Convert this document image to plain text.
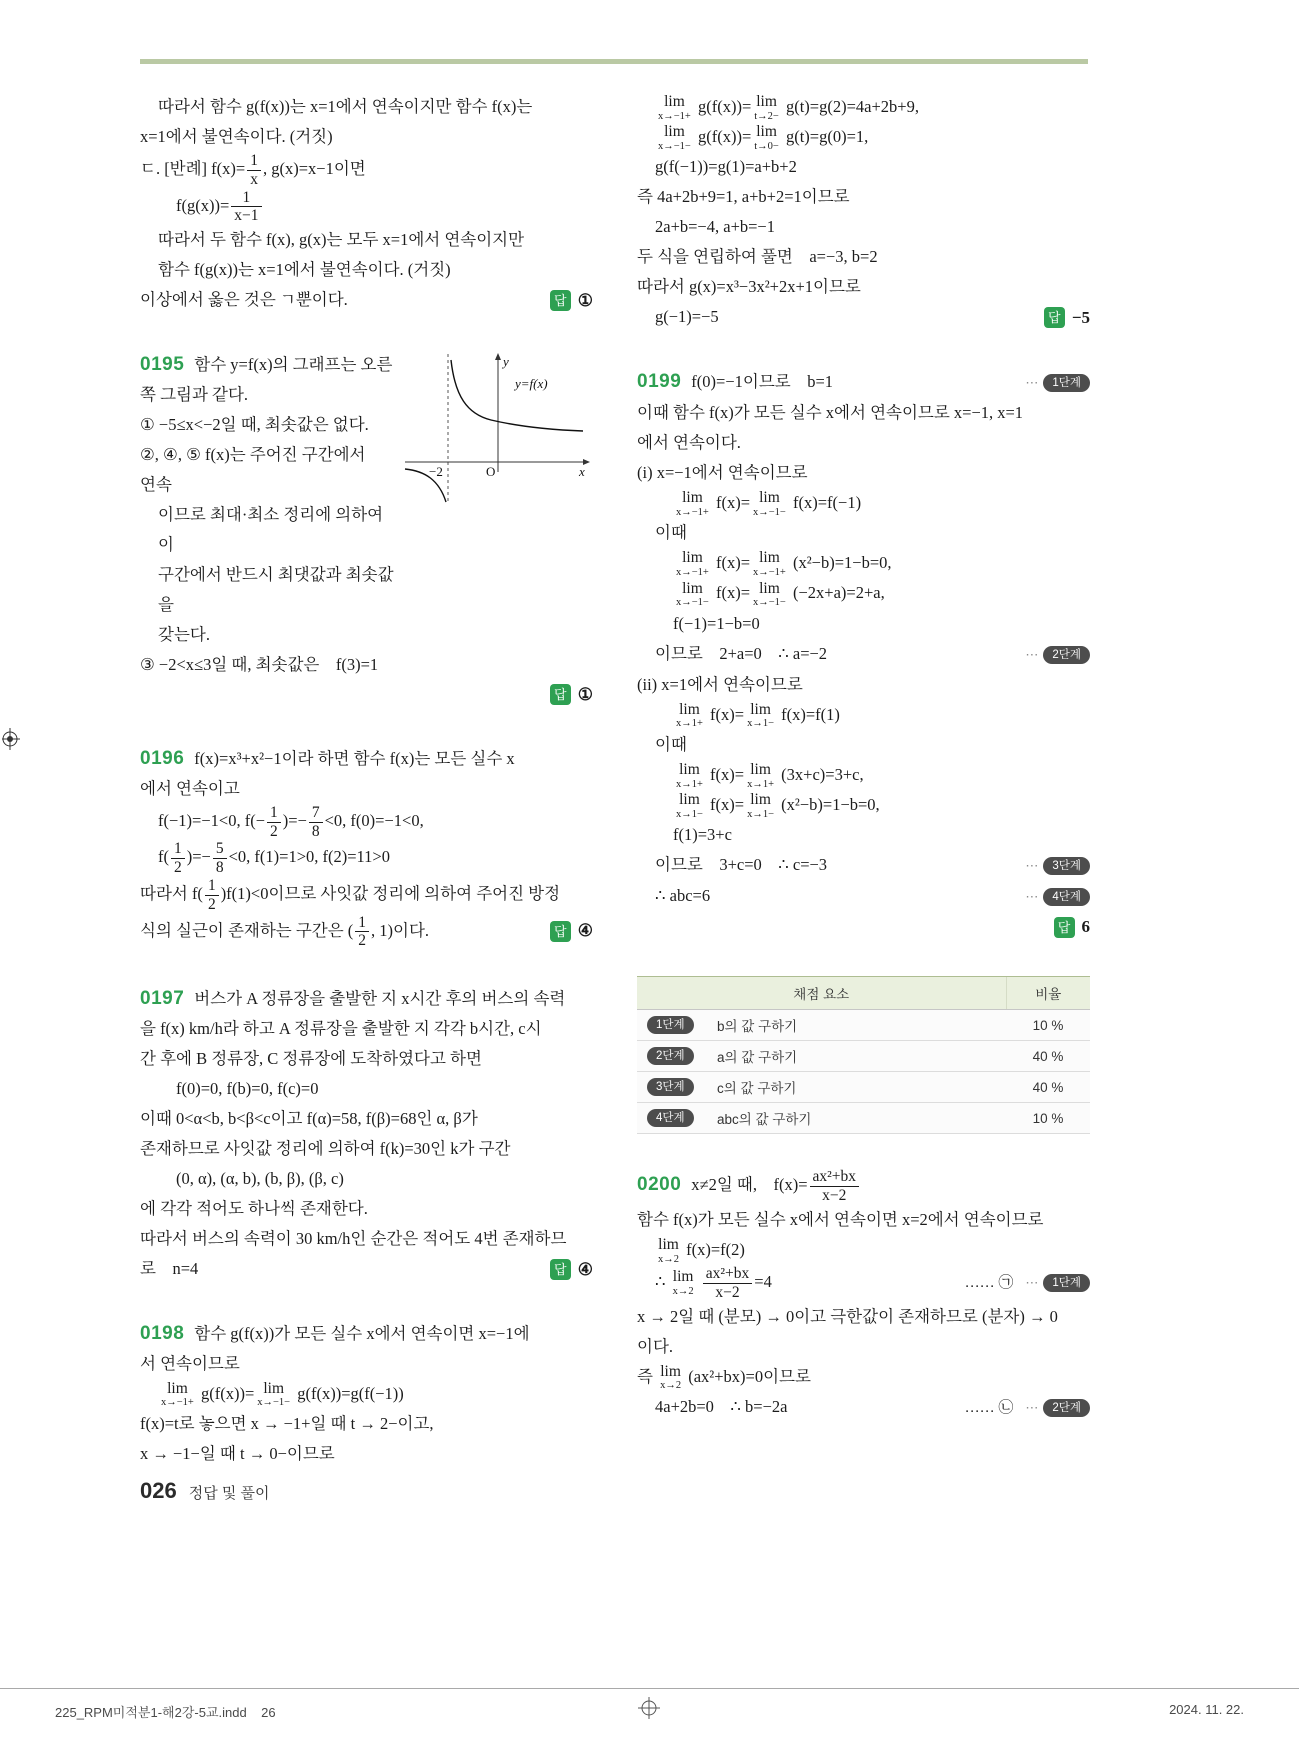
따라서 함수 g(f(x))는 x=1에서 연속이지만 함수 f(x)는

x=1에서 불연속이다. (거짓)

ㄷ. [반례] $f(x)= \frac{1}{x}$ , g(x)=x−1이면

$f(g(x))= \frac{1}{x-1}$

따라서 두 함수 f(x), g(x)는 모두 x=1에서 연속이지만

함수 f(g(x))는 x=1에서 불연속이다. (거짓)

이상에서 옳은 것은 ㄱ뿐이다.	답 ①

y
x
O
−2
y=f(x)

0195 함수 y=f(x)의 그래프는 오른

쪽 그림과 같다.

① −5≤x<−2일 때, 최솟값은 없다.

②, ④, ⑤ f(x)는 주어진 구간에서 연속

이므로 최대·최소 정리에 의하여 이

구간에서 반드시 최댓값과 최솟값을

갖는다.

③ −2<x≤3일 때, 최솟값은 f(3)=1

답 ①

0196 f(x)=x³+x²−1이라 하면 함수 f(x)는 모든 실수 x

에서 연속이고

f(−1)=−1<0, $f(- \frac{1}{2}$ )=− $\frac{7}{8} <0$, f(0)=−1<0,

$f( \frac{1}{2}$ )=− $\frac{5}{8} <0$, f(1)=1>0, f(2)=11>0

따라서 $f( \frac{1}{2} )f(1)<0$이므로 사잇값 정리에 의하여 주어진 방정

식의 실근이 존재하는 구간은 ( $\frac{1}{2}$ , 1)이다.	답 ④

0197 버스가 A 정류장을 출발한 지 x시간 후의 버스의 속력

을 f(x) km/h라 하고 A 정류장을 출발한 지 각각 b시간, c시

간 후에 B 정류장, C 정류장에 도착하였다고 하면

f(0)=0, f(b)=0, f(c)=0

이때 0<α<b, b<β<c이고 f(α)=58, f(β)=68인 α, β가

존재하므로 사잇값 정리에 의하여 f(k)=30인 k가 구간

(0, α), (α, b), (b, β), (β, c)

에 각각 적어도 하나씩 존재한다.

따라서 버스의 속력이 30 km/h인 순간은 적어도 4번 존재하므

로 n=4	답 ④

0198 함수 g(f(x))가 모든 실수 x에서 연속이면 x=−1에

서 연속이므로

lim
x→−1+
g(f(x))= lim
x→−1−
g(f(x))=g(f(−1))

f(x)=t로 놓으면 x → −1+일 때 t → 2−이고,

x → −1−일 때 t → 0−이므로

lim
x→−1+
g(f(x))= lim
t→2−
g(t)=g(2)=4a+2b+9,

lim
x→−1−
g(f(x))= lim
t→0−
g(t)=g(0)=1,

g(f(−1))=g(1)=a+b+2

즉 4a+2b+9=1, a+b+2=1이므로

2a+b=−4, a+b=−1

두 식을 연립하여 풀면 a=−3, b=2

따라서 g(x)=x³−3x²+2x+1이므로

g(−1)=−5	답 −5

0199 f(0)=−1이므로 b=1	⋯	1단계

이때 함수 f(x)가 모든 실수 x에서 연속이므로 x=−1, x=1

에서 연속이다.

(i) x=−1에서 연속이므로

lim
x→−1+
f(x)= lim
x→−1−
f(x)=f(−1)

이때

lim
x→−1+
f(x)= lim
x→−1+
(x²−b)=1−b=0,

lim
x→−1−
f(x)= lim
x→−1−
(−2x+a)=2+a,

f(−1)=1−b=0

이므로 2+a=0 ∴ a=−2	⋯	2단계

(ii) x=1에서 연속이므로

lim
x→1+
f(x)= lim
x→1−
f(x)=f(1)

이때

lim
x→1+
f(x)= lim
x→1+
(3x+c)=3+c,

lim
x→1−
f(x)= lim
x→1−
(x²−b)=1−b=0,

f(1)=3+c

이므로 3+c=0 ∴ c=−3	⋯	3단계

∴ abc=6	⋯	4단계

답 6

채점 요소		비율
1단계	b의 값 구하기	10 %
2단계	a의 값 구하기	40 %
3단계	c의 값 구하기	40 %
4단계	abc의 값 구하기	10 %

0200 x≠2일 때, $f(x)= \frac{\text{ax²+bx}}{x-2}$

함수 f(x)가 모든 실수 x에서 연속이면 x=2에서 연속이므로

lim
x→2
f(x)=f(2)

∴ lim
x→2
$\frac{\text{ax²+bx}}{x-2} =4$	…… ㉠ ⋯	1단계

x → 2일 때 (분모) → 0이고 극한값이 존재하므로 (분자) → 0

이다.

즉 lim
x→2
(ax²+bx)=0이므로

4a+2b=0 ∴ b=−2a	…… ㉡ ⋯	2단계

026 정답 및 풀이
225_RPM미적분1-해2강-5교.indd    26	2024. 11. 22.
